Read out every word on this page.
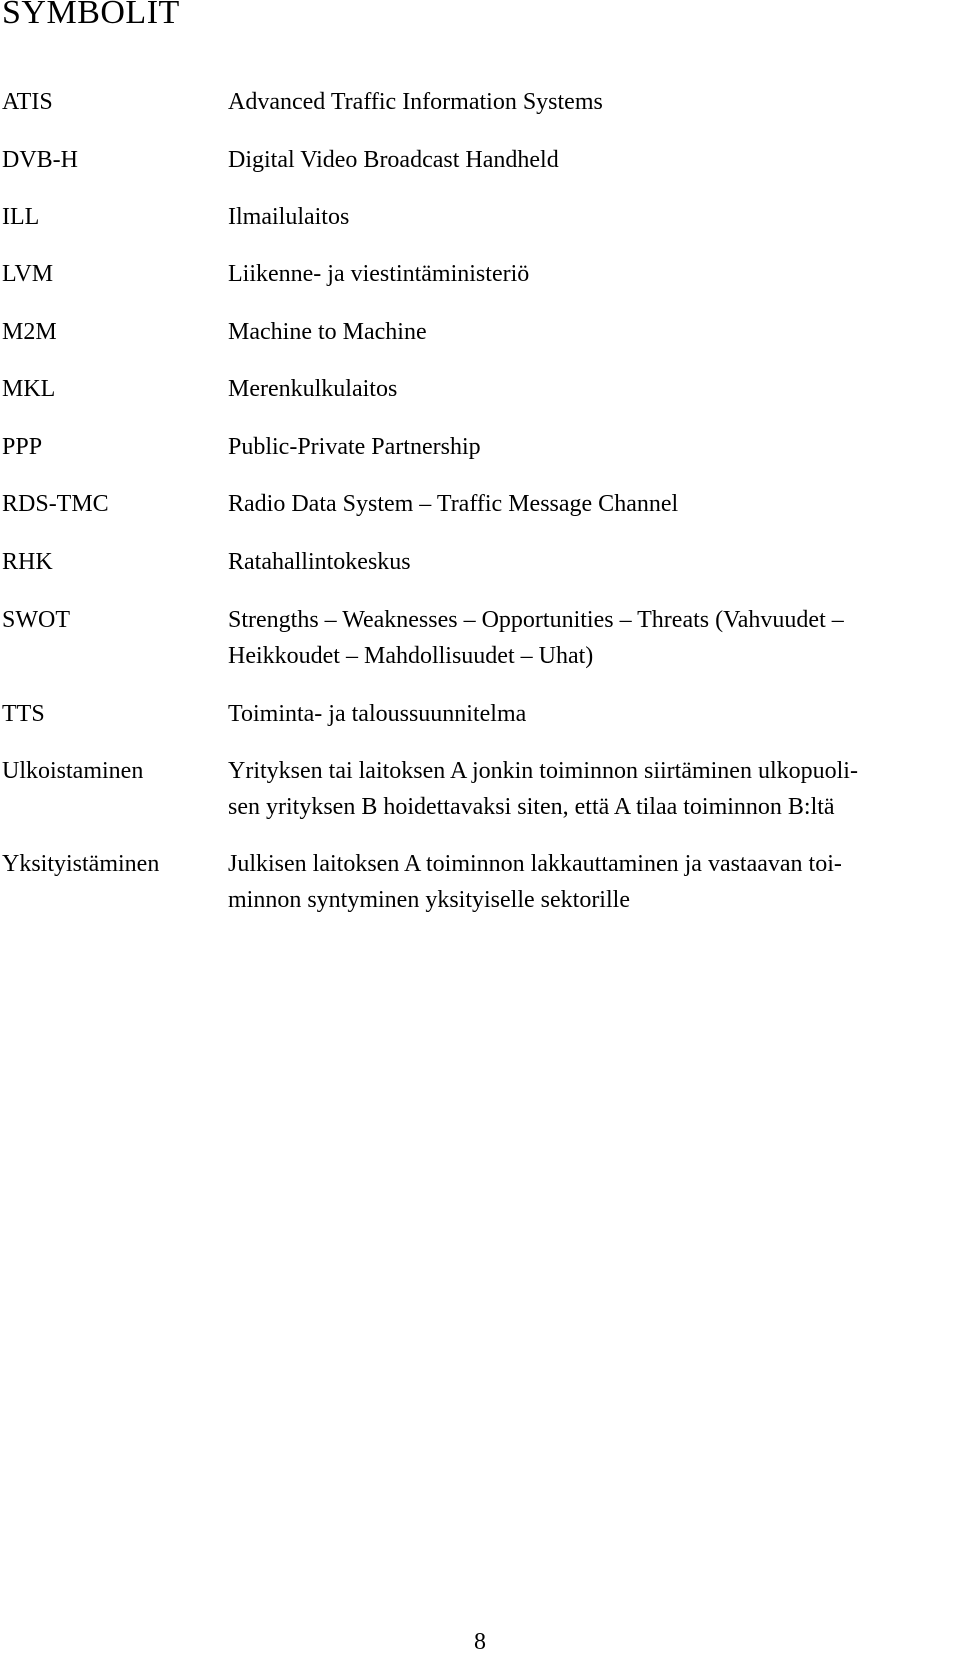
SYMBOLIT
ATIS	Advanced Traffic Information Systems
DVB-H	Digital Video Broadcast Handheld
ILL	Ilmailulaitos
LVM	Liikenne- ja viestintäministeriö
M2M	Machine to Machine
MKL	Merenkulkulaitos
PPP	Public-Private Partnership
RDS-TMC	Radio Data System – Traffic Message Channel
RHK	Ratahallintokeskus
SWOT	Strengths – Weaknesses – Opportunities – Threats (Vahvuudet –
Heikkoudet – Mahdollisuudet – Uhat)
TTS	Toiminta- ja taloussuunnitelma
Ulkoistaminen	Yrityksen tai laitoksen A jonkin toiminnon siirtäminen ulkopuoli-
sen yrityksen B hoidettavaksi siten, että A tilaa toiminnon B:ltä
Yksityistäminen	Julkisen laitoksen A toiminnon lakkauttaminen ja vastaavan toi-
minnon syntyminen yksityiselle sektorille
8
